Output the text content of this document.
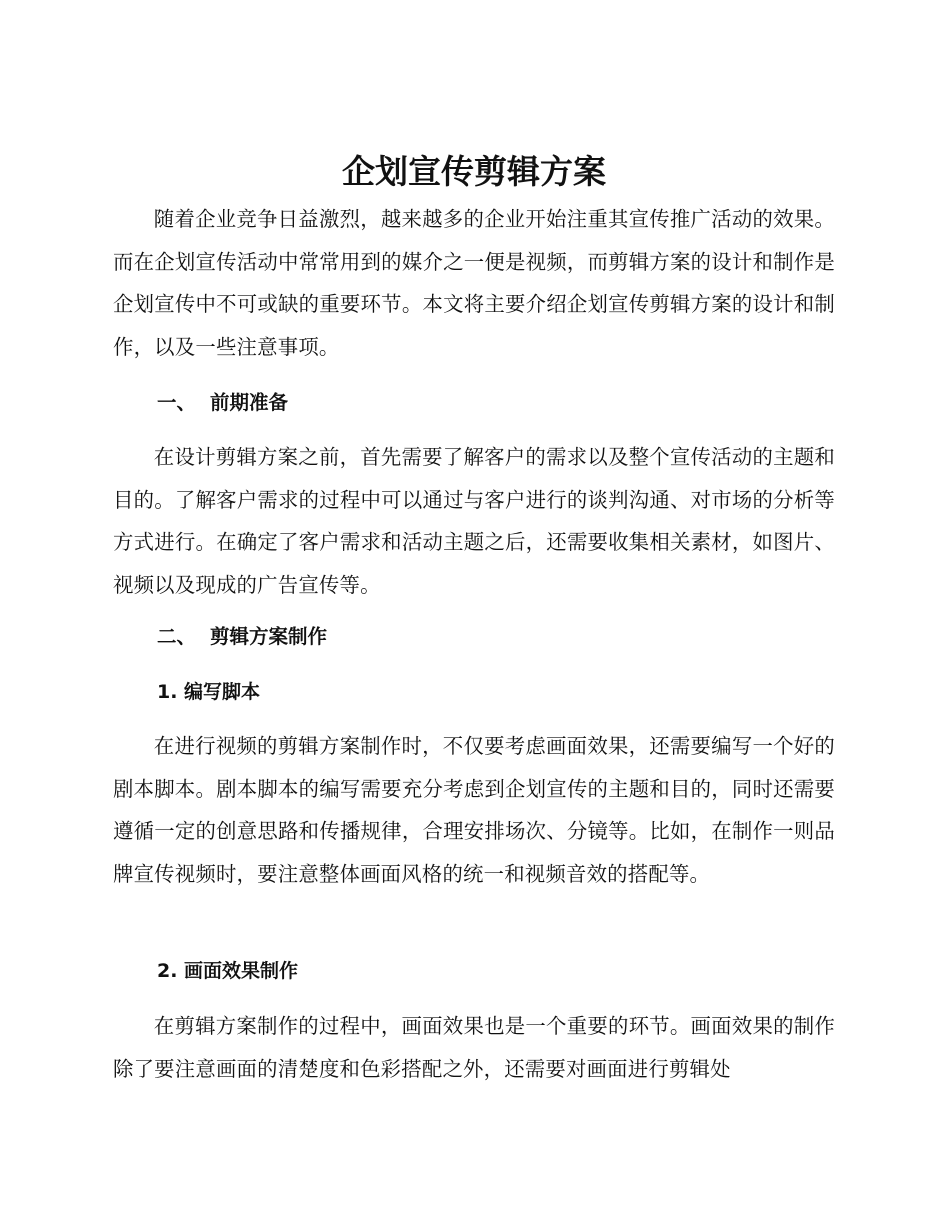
企划宣传剪辑方案

随着企业竞争日益激烈，越来越多的企业开始注重其宣传推广活动的效果。而在企划宣传活动中常常用到的媒介之一便是视频，而剪辑方案的设计和制作是企划宣传中不可或缺的重要环节。本文将主要介绍企划宣传剪辑方案的设计和制作，以及一些注意事项。

一、 前期准备

在设计剪辑方案之前，首先需要了解客户的需求以及整个宣传活动的主题和目的。了解客户需求的过程中可以通过与客户进行的谈判沟通、对市场的分析等方式进行。在确定了客户需求和活动主题之后，还需要收集相关素材，如图片、视频以及现成的广告宣传等。

二、 剪辑方案制作
1. 编写脚本

在进行视频的剪辑方案制作时，不仅要考虑画面效果，还需要编写一个好的剧本脚本。剧本脚本的编写需要充分考虑到企划宣传的主题和目的，同时还需要遵循一定的创意思路和传播规律，合理安排场次、分镜等。比如，在制作一则品牌宣传视频时，要注意整体画面风格的统一和视频音效的搭配等。

2. 画面效果制作

在剪辑方案制作的过程中，画面效果也是一个重要的环节。画面效果的制作除了要注意画面的清楚度和色彩搭配之外，还需要对画面进行剪辑处
